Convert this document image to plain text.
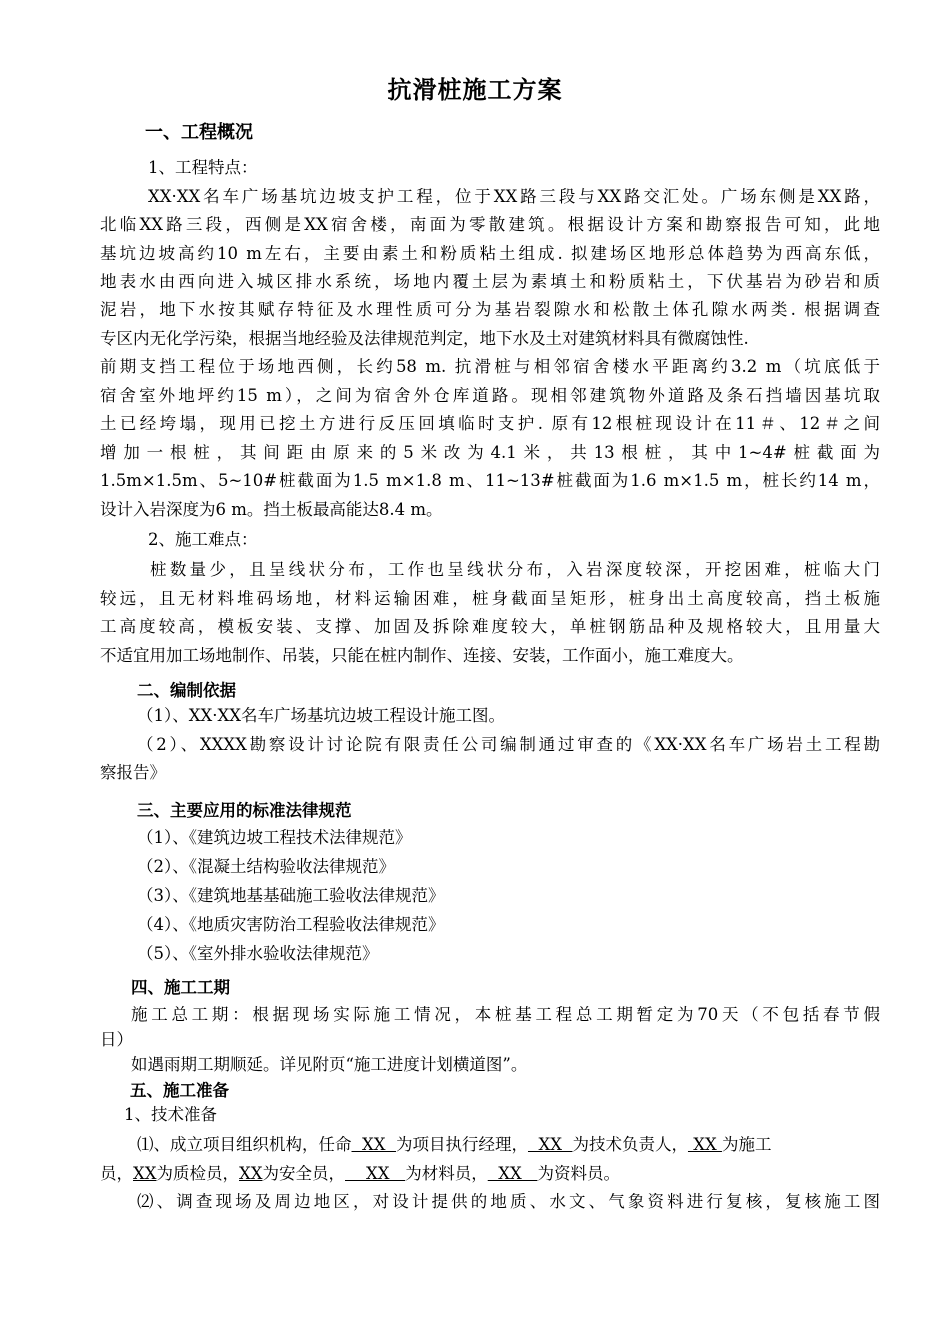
抗滑桩施工方案
一、工程概况
1、工程特点：
XX·XX名车广场基坑边坡支护工程，位于XX路三段与XX路交汇处。广场东侧是XX路，
北临XX路三段，西侧是XX宿舍楼，南面为零散建筑。根据设计方案和勘察报告可知，此地
基坑边坡高约10 m左右，主要由素土和粉质粘土组成. 拟建场区地形总体趋势为西高东低，
地表水由西向进入城区排水系统，场地内覆土层为素填土和粉质粘土，下伏基岩为砂岩和质
泥岩，地下水按其赋存特征及水理性质可分为基岩裂隙水和松散土体孔隙水两类. 根据调查
专区内无化学污染，根据当地经验及法律规范判定，地下水及土对建筑材料具有微腐蚀性.
前期支挡工程位于场地西侧，长约58 m. 抗滑桩与相邻宿舍楼水平距离约3.2 m（坑底低于
宿舍室外地坪约15 m），之间为宿舍外仓库道路。现相邻建筑物外道路及条石挡墙因基坑取
土已经垮塌，现用已挖土方进行反压回填临时支护. 原有12根桩现设计在11＃、12＃之间
增加一根桩，其间距由原来的5米改为4.1米，共13根桩，其中1~4#桩截面为
1.5m×1.5m、5~10#桩截面为1.5 m×1.8 m、11~13#桩截面为1.6 m×1.5 m，桩长约14 m，
设计入岩深度为6 m。挡土板最高能达8.4 m。
2、施工难点：
桩数量少，且呈线状分布，工作也呈线状分布，入岩深度较深，开挖困难，桩临大门
较远，且无材料堆码场地，材料运输困难，桩身截面呈矩形，桩身出土高度较高，挡土板施
工高度较高，模板安装、支撑、加固及拆除难度较大，单桩钢筋品种及规格较大，且用量大
不适宜用加工场地制作、吊装，只能在桩内制作、连接、安装，工作面小，施工难度大。
二、编制依据
（1）、XX·XX名车广场基坑边坡工程设计施工图。
（2）、XXXX勘察设计讨论院有限责任公司编制通过审查的《XX·XX名车广场岩土工程勘
察报告》
三、主要应用的标准法律规范
（1）、《建筑边坡工程技术法律规范》
（2）、《混凝土结构验收法律规范》
（3）、《建筑地基基础施工验收法律规范》
（4）、《地质灾害防治工程验收法律规范》
（5）、《室外排水验收法律规范》
四、施工工期
施工总工期：根据现场实际施工情况，本桩基工程总工期暂定为70天（不包括春节假
日）
如遇雨期工期顺延。详见附页“施工进度计划横道图”。
五、施工准备
1、技术准备
⑴、成立项目组织机构，任命  XX  为项目执行经理，  XX  为技术负责人， XX 为施工
员，XX为质检员，XX为安全员，    XX   为材料员，  XX   为资料员。
⑵、调查现场及周边地区，对设计提供的地质、水文、气象资料进行复核，复核施工图
